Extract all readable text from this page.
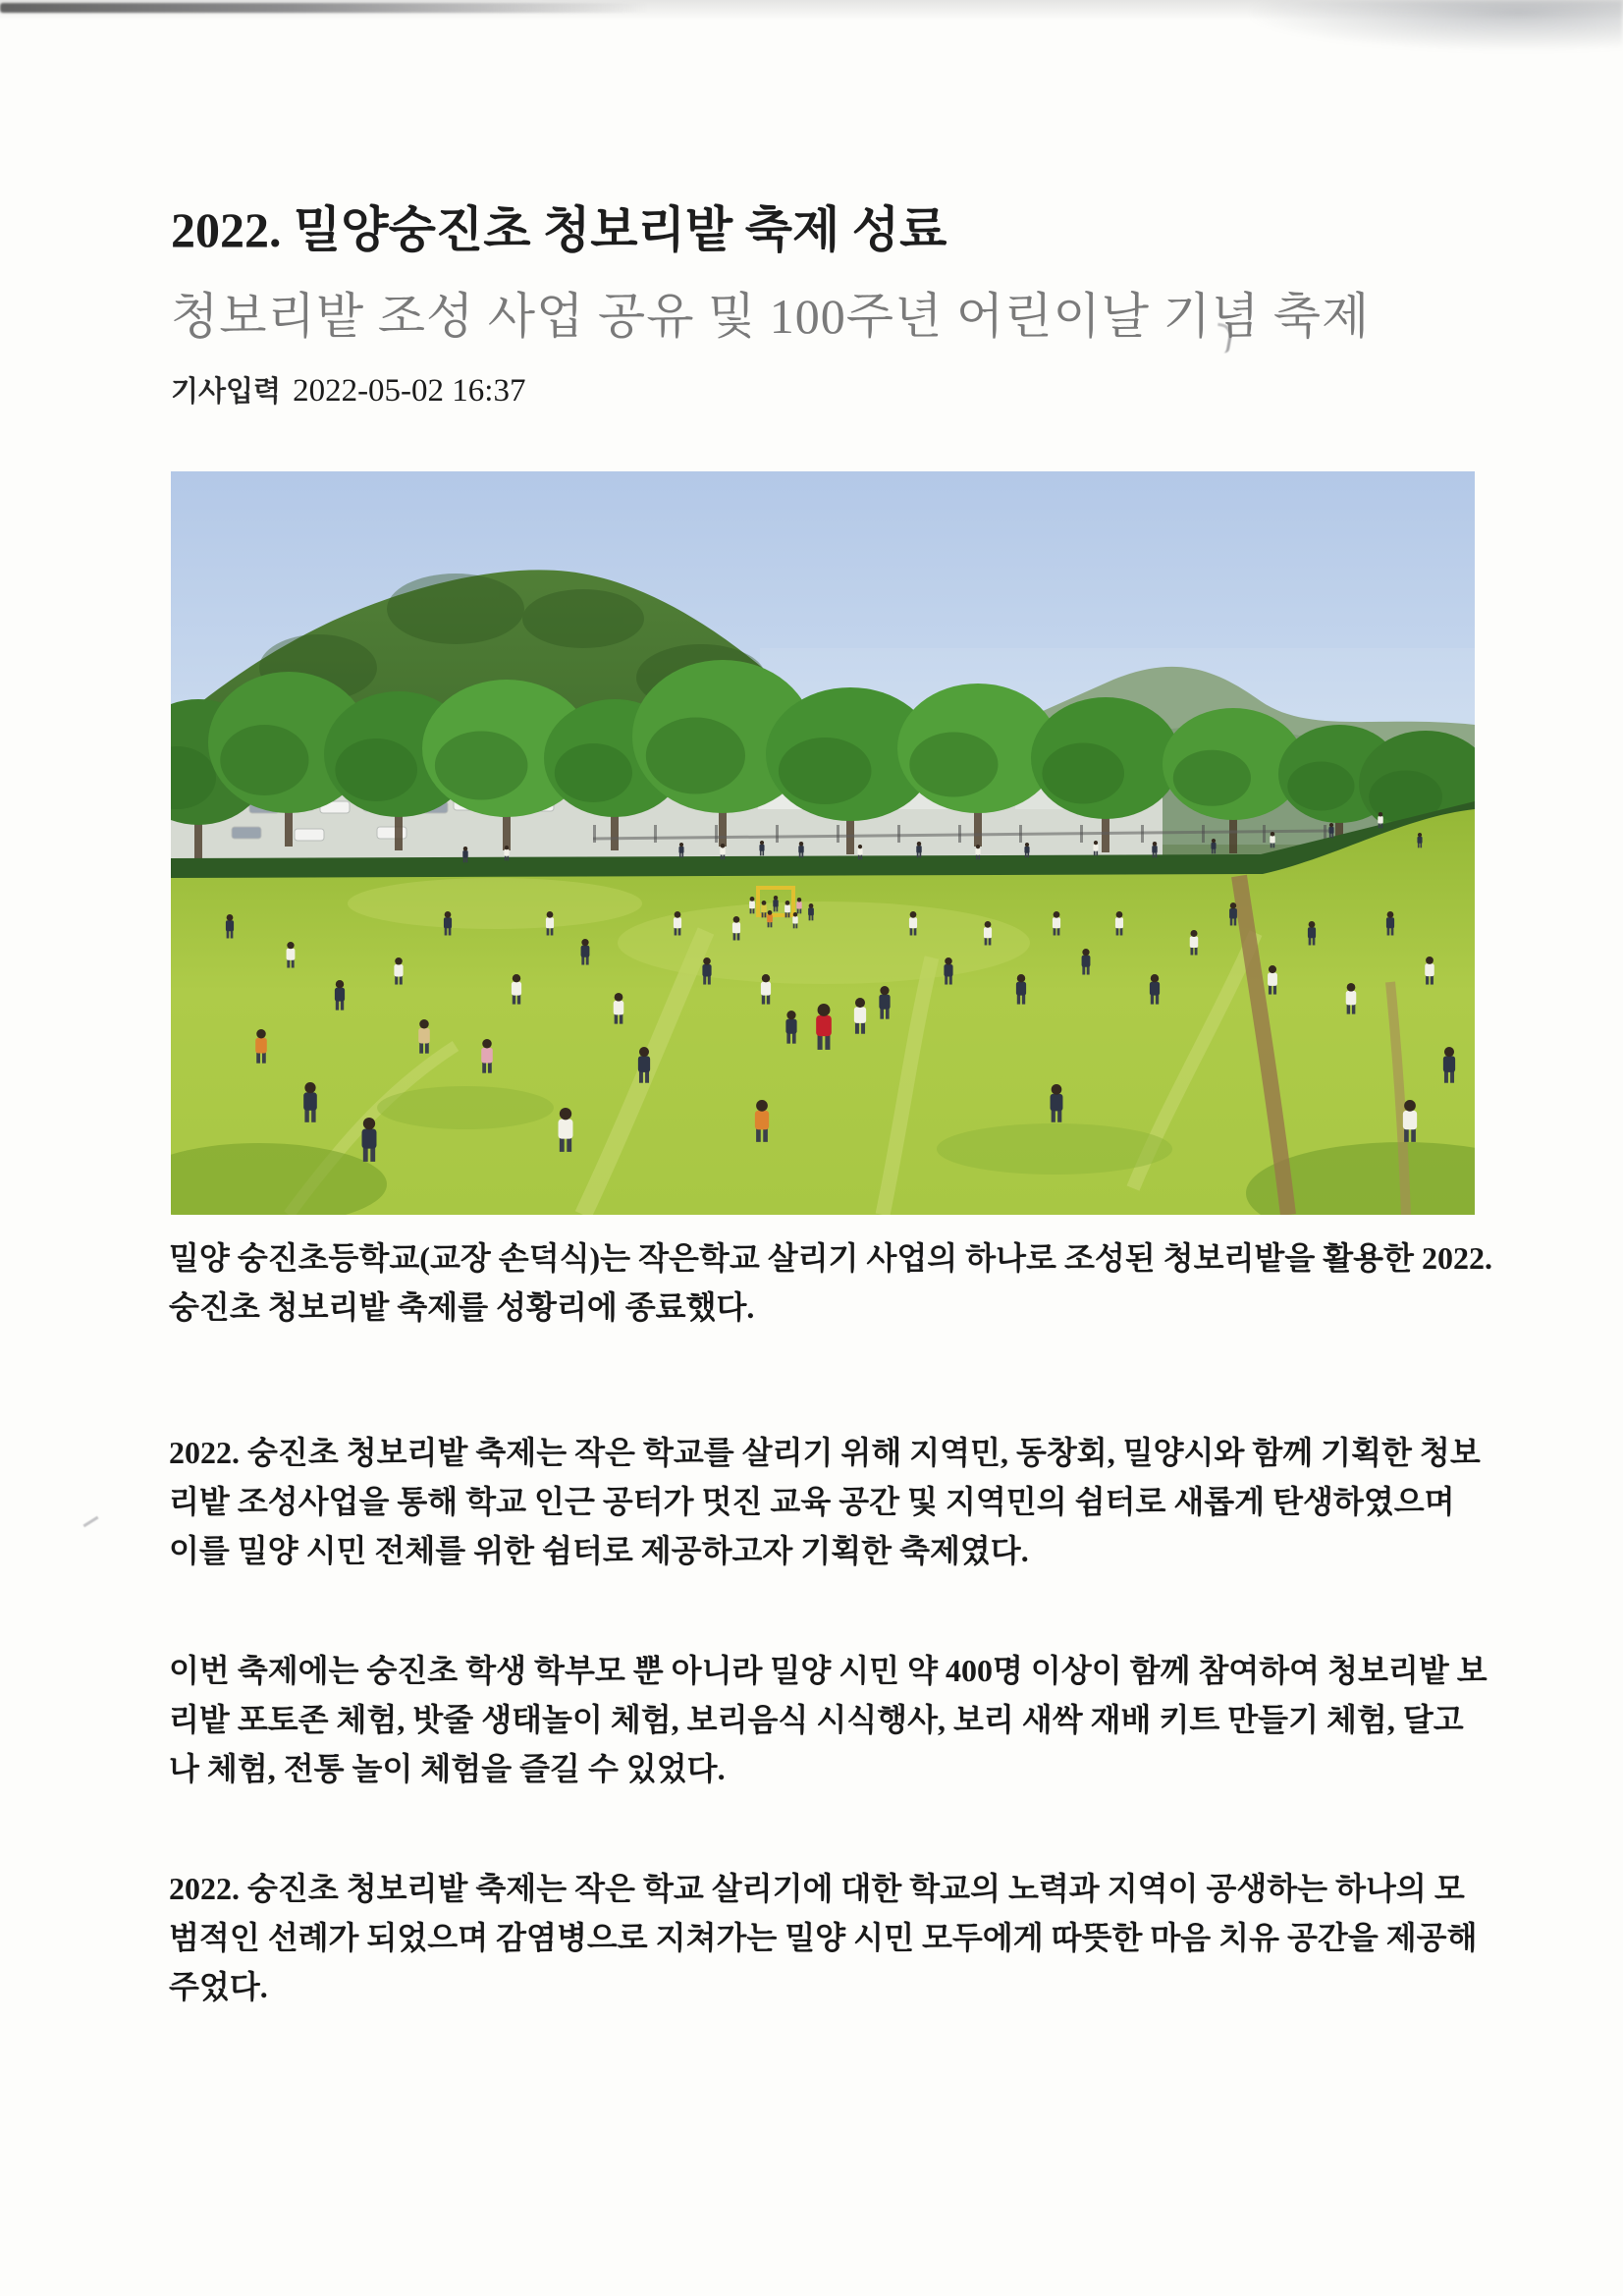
2022. 밀양숭진초 청보리밭 축제 성료
청보리밭 조성 사업 공유 및 100주년 어린이날 기념 축제
기사입력 2022-05-02 16:37

밀양 숭진초등학교(교장 손덕식)는 작은학교 살리기 사업의 하나로 조성된 청보리밭을 활용한 2022. 숭진초 청보리밭 축제를 성황리에 종료했다.

2022. 숭진초 청보리밭 축제는 작은 학교를 살리기 위해 지역민, 동창회, 밀양시와 함께 기획한 청보리밭 조성사업을 통해 학교 인근 공터가 멋진 교육 공간 및 지역민의 쉼터로 새롭게 탄생하였으며 이를 밀양 시민 전체를 위한 쉼터로 제공하고자 기획한 축제였다.

이번 축제에는 숭진초 학생 학부모 뿐 아니라 밀양 시민 약 400명 이상이 함께 참여하여 청보리밭 보리밭 포토존 체험, 밧줄 생태놀이 체험, 보리음식 시식행사, 보리 새싹 재배 키트 만들기 체험, 달고나 체험, 전통 놀이 체험을 즐길 수 있었다.

2022. 숭진초 청보리밭 축제는 작은 학교 살리기에 대한 학교의 노력과 지역이 공생하는 하나의 모범적인 선례가 되었으며 감염병으로 지쳐가는 밀양 시민 모두에게 따뜻한 마음 치유 공간을 제공해 주었다.
